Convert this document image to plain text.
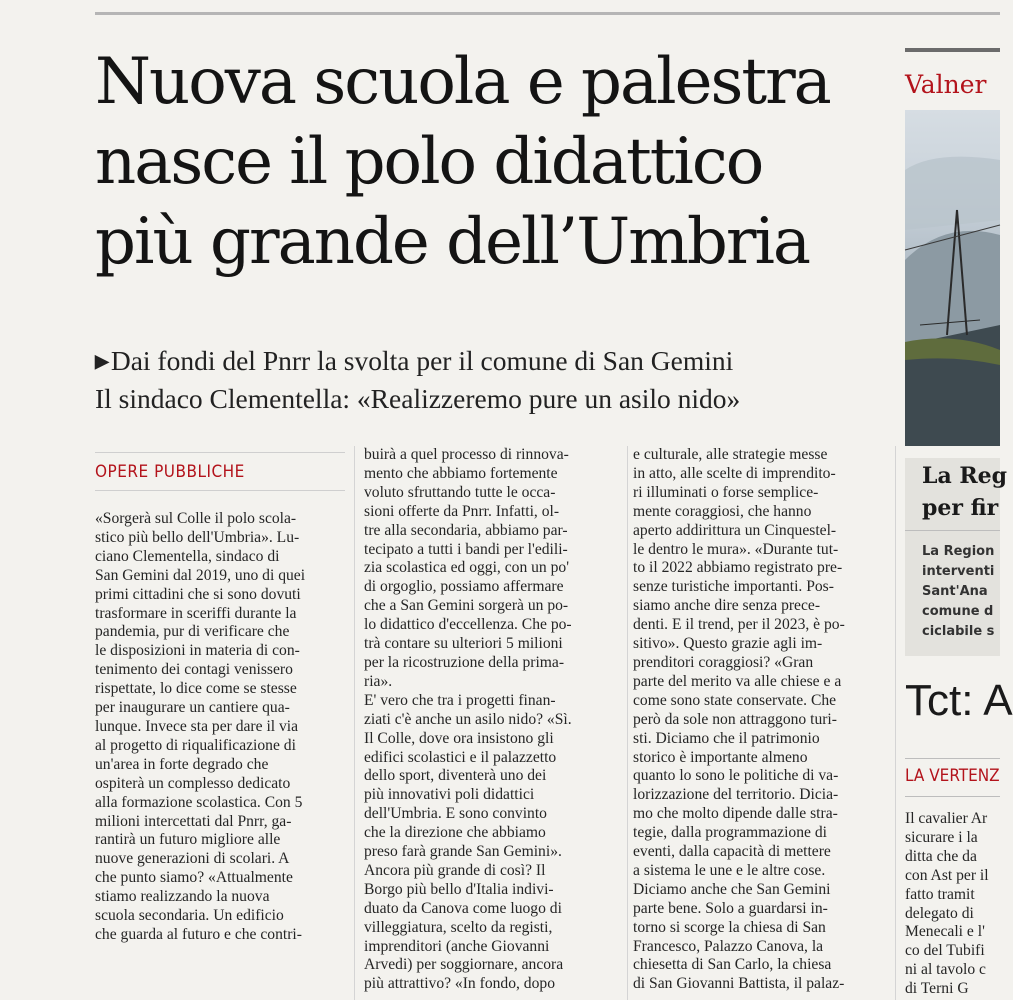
Nuova scuola e palestra
nasce il polo didattico
più grande dell’Umbria
▶Dai fondi del Pnrr la svolta per il comune di San Gemini
Il sindaco Clementella: «Realizzeremo pure un asilo nido»
OPERE PUBBLICHE
«Sorgerà sul Colle il polo scola-
stico più bello dell'Umbria». Lu-
ciano Clementella, sindaco di
San Gemini dal 2019, uno di quei
primi cittadini che si sono dovuti
trasformare in sceriffi durante la
pandemia, pur di verificare che
le disposizioni in materia di con-
tenimento dei contagi venissero
rispettate, lo dice come se stesse
per inaugurare un cantiere qua-
lunque. Invece sta per dare il via
al progetto di riqualificazione di
un'area in forte degrado che
ospiterà un complesso dedicato
alla formazione scolastica. Con 5
milioni intercettati dal Pnrr, ga-
rantirà un futuro migliore alle
nuove generazioni di scolari. A
che punto siamo? «Attualmente
stiamo realizzando la nuova
scuola secondaria. Un edificio
che guarda al futuro e che contri-
buirà a quel processo di rinnova-
mento che abbiamo fortemente
voluto sfruttando tutte le occa-
sioni offerte da Pnrr. Infatti, ol-
tre alla secondaria, abbiamo par-
tecipato a tutti i bandi per l'edili-
zia scolastica ed oggi, con un po'
di orgoglio, possiamo affermare
che a San Gemini sorgerà un po-
lo didattico d'eccellenza. Che po-
trà contare su ulteriori 5 milioni
per la ricostruzione della prima-
ria».
E' vero che tra i progetti finan-
ziati c'è anche un asilo nido? «Sì.
Il Colle, dove ora insistono gli
edifici scolastici e il palazzetto
dello sport, diventerà uno dei
più innovativi poli didattici
dell'Umbria. E sono convinto
che la direzione che abbiamo
preso farà grande San Gemini».
Ancora più grande di così? Il
Borgo più bello d'Italia indivi-
duato da Canova come luogo di
villeggiatura, scelto da registi,
imprenditori (anche Giovanni
Arvedi) per soggiornare, ancora
più attrattivo? «In fondo, dopo
e culturale, alle strategie messe
in atto, alle scelte di imprendito-
ri illuminati o forse semplice-
mente coraggiosi, che hanno
aperto addirittura un Cinquestel-
le dentro le mura». «Durante tut-
to il 2022 abbiamo registrato pre-
senze turistiche importanti. Pos-
siamo anche dire senza prece-
denti. E il trend, per il 2023, è po-
sitivo». Questo grazie agli im-
prenditori coraggiosi? «Gran
parte del merito va alle chiese e a
come sono state conservate. Che
però da sole non attraggono turi-
sti. Diciamo che il patrimonio
storico è importante almeno
quanto lo sono le politiche di va-
lorizzazione del territorio. Dicia-
mo che molto dipende dalle stra-
tegie, dalla programmazione di
eventi, dalla capacità di mettere
a sistema le une e le altre cose.
Diciamo anche che San Gemini
parte bene. Solo a guardarsi in-
torno si scorge la chiesa di San
Francesco, Palazzo Canova, la
chiesetta di San Carlo, la chiesa
di San Giovanni Battista, il palaz-
Valner
La Reg
per fir
La Region
interventi
Sant'Ana
comune d
ciclabile s
Tct: A
LA VERTENZ
Il cavalier Ar
sicurare i la
ditta che da
con Ast per il
fatto tramit
delegato di
Menecali e l'
co del Tubifi
ni al tavolo c
di Terni G
